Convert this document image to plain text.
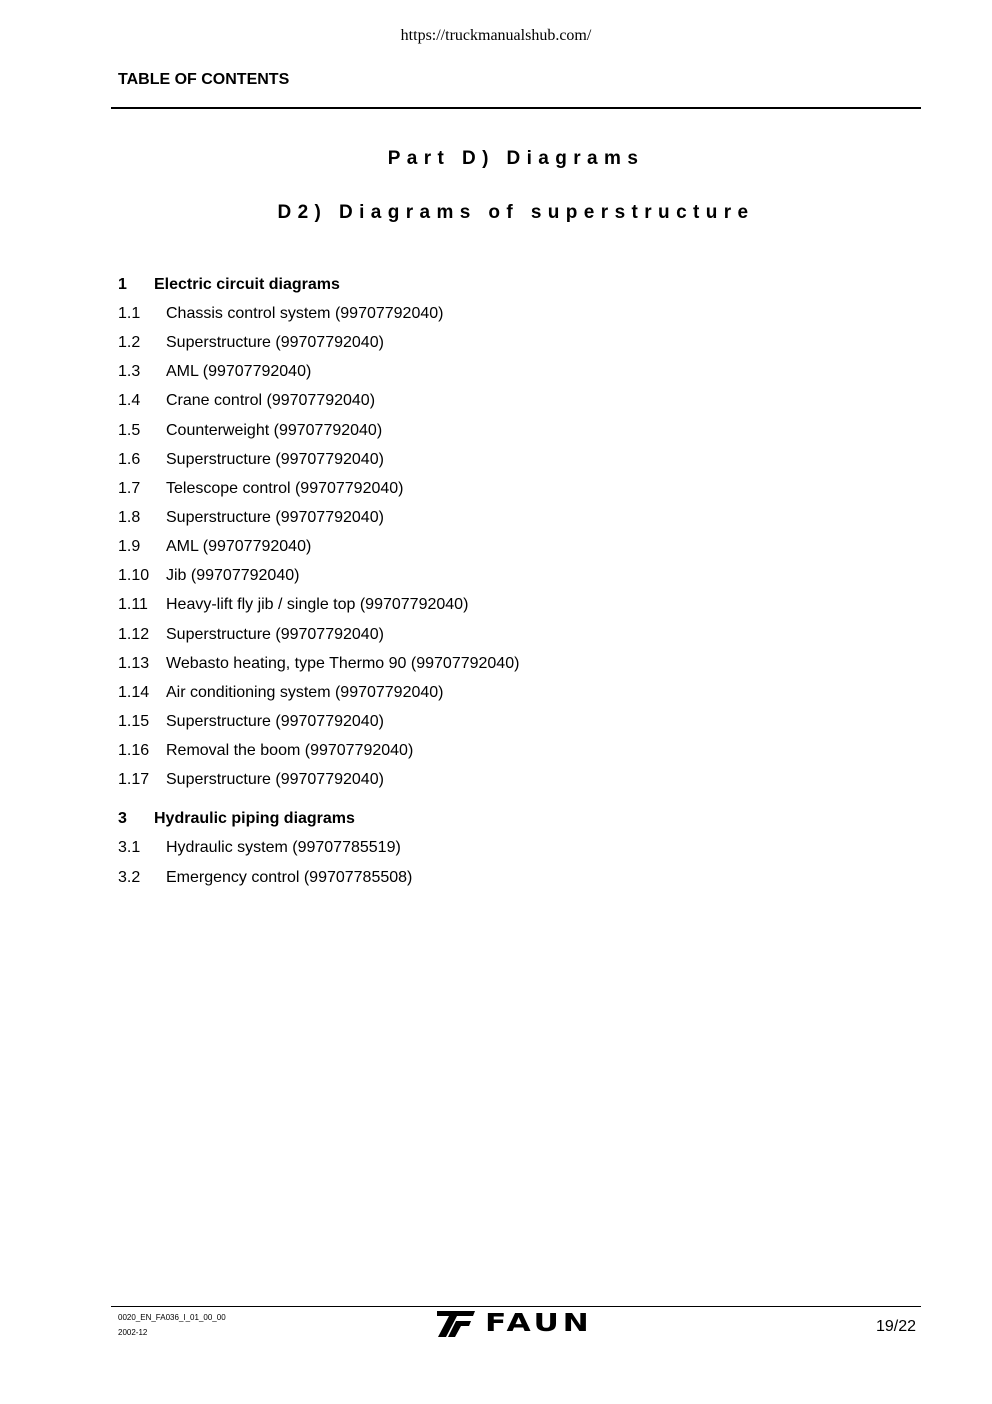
https://truckmanualshub.com/
TABLE OF CONTENTS
Part D) Diagrams
D2) Diagrams of superstructure
1 Electric circuit diagrams
1.1 Chassis control system (99707792040)
1.2 Superstructure (99707792040)
1.3 AML (99707792040)
1.4 Crane control (99707792040)
1.5 Counterweight (99707792040)
1.6 Superstructure (99707792040)
1.7 Telescope control (99707792040)
1.8 Superstructure (99707792040)
1.9 AML (99707792040)
1.10 Jib (99707792040)
1.11 Heavy-lift fly jib / single top (99707792040)
1.12 Superstructure (99707792040)
1.13 Webasto heating, type Thermo 90 (99707792040)
1.14 Air conditioning system (99707792040)
1.15 Superstructure (99707792040)
1.16 Removal the boom (99707792040)
1.17 Superstructure (99707792040)
3 Hydraulic piping diagrams
3.1 Hydraulic system (99707785519)
3.2 Emergency control (99707785508)
0020_EN_FA036_I_01_00_00
2002-12	FAUN	19/22
